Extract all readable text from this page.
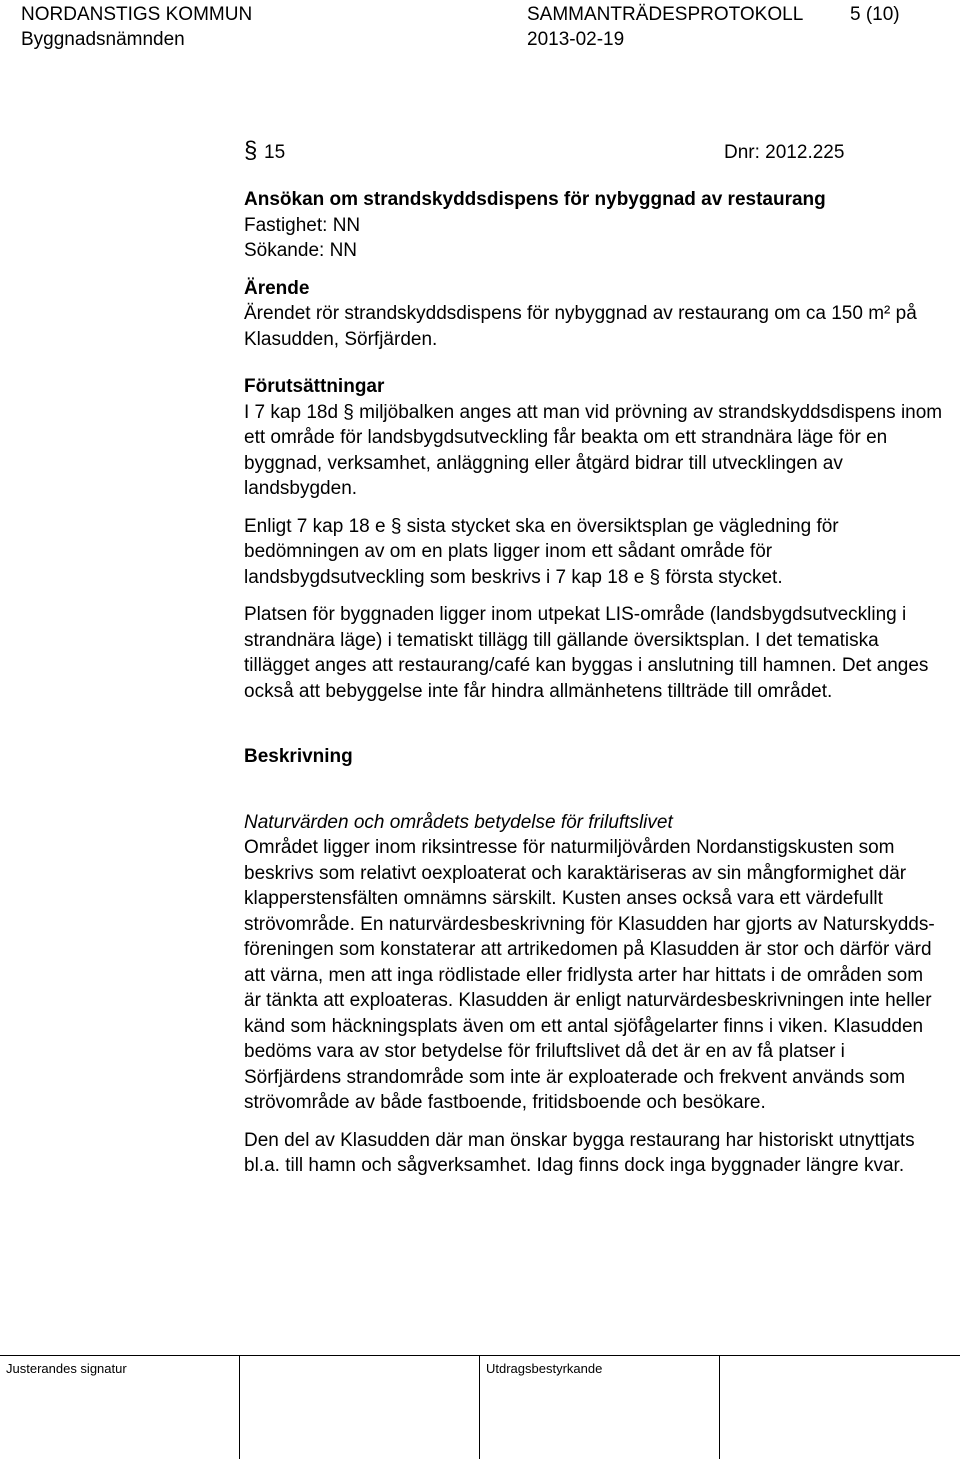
NORDANSTIGS KOMMUN
Byggnadsnämnden
SAMMANTRÄDESPROTOKOLL
2013-02-19
5 (10)
§ 15	Dnr: 2012.225

Ansökan om strandskyddsdispens för nybyggnad av restaurang

Fastighet: NN

Sökande: NN

Ärende

Ärendet rör strandskyddsdispens för nybyggnad av restaurang om ca 150 m² på Klasudden, Sörfjärden.

Förutsättningar

I 7 kap 18d § miljöbalken anges att man vid prövning av strandskyddsdispens inom ett område för landsbygdsutveckling får beakta om ett strandnära läge för en byggnad, verksamhet, anläggning eller åtgärd bidrar till utvecklingen av landsbygden.

Enligt 7 kap 18 e § sista stycket ska en översiktsplan ge vägledning för bedömningen av om en plats ligger inom ett sådant område för landsbygdsutveckling som beskrivs i 7 kap 18 e § första stycket.

Platsen för byggnaden ligger inom utpekat LIS-område (landsbygdsutveckling i strandnära läge) i tematiskt tillägg till gällande översiktsplan. I det tematiska tillägget anges att restaurang/café kan byggas i anslutning till hamnen. Det anges också att bebyggelse inte får hindra allmänhetens tillträde till området.

Beskrivning

Naturvärden och områdets betydelse för friluftslivet

Området ligger inom riksintresse för naturmiljövården Nordanstigskusten som beskrivs som relativt oexploaterat och karaktäriseras av sin mångformighet där klapperstensfälten omnämns särskilt. Kusten anses också vara ett värdefullt strövområde. En naturvärdesbeskrivning för Klasudden har gjorts av Naturskydds-föreningen som konstaterar att artrikedomen på Klasudden är stor och därför värd att värna, men att inga rödlistade eller fridlysta arter har hittats i de områden som är tänkta att exploateras. Klasudden är enligt naturvärdesbeskrivningen inte heller känd som häckningsplats även om ett antal sjöfågelarter finns i viken. Klasudden bedöms vara av stor betydelse för friluftslivet då det är en av få platser i Sörfjärdens strandområde som inte är exploaterade och frekvent används som strövområde av både fastboende, fritidsboende och besökare.

Den del av Klasudden där man önskar bygga restaurang har historiskt utnyttjats bl.a. till hamn och sågverksamhet. Idag finns dock inga byggnader längre kvar.

Justerandes signatur	Utdragsbestyrkande
